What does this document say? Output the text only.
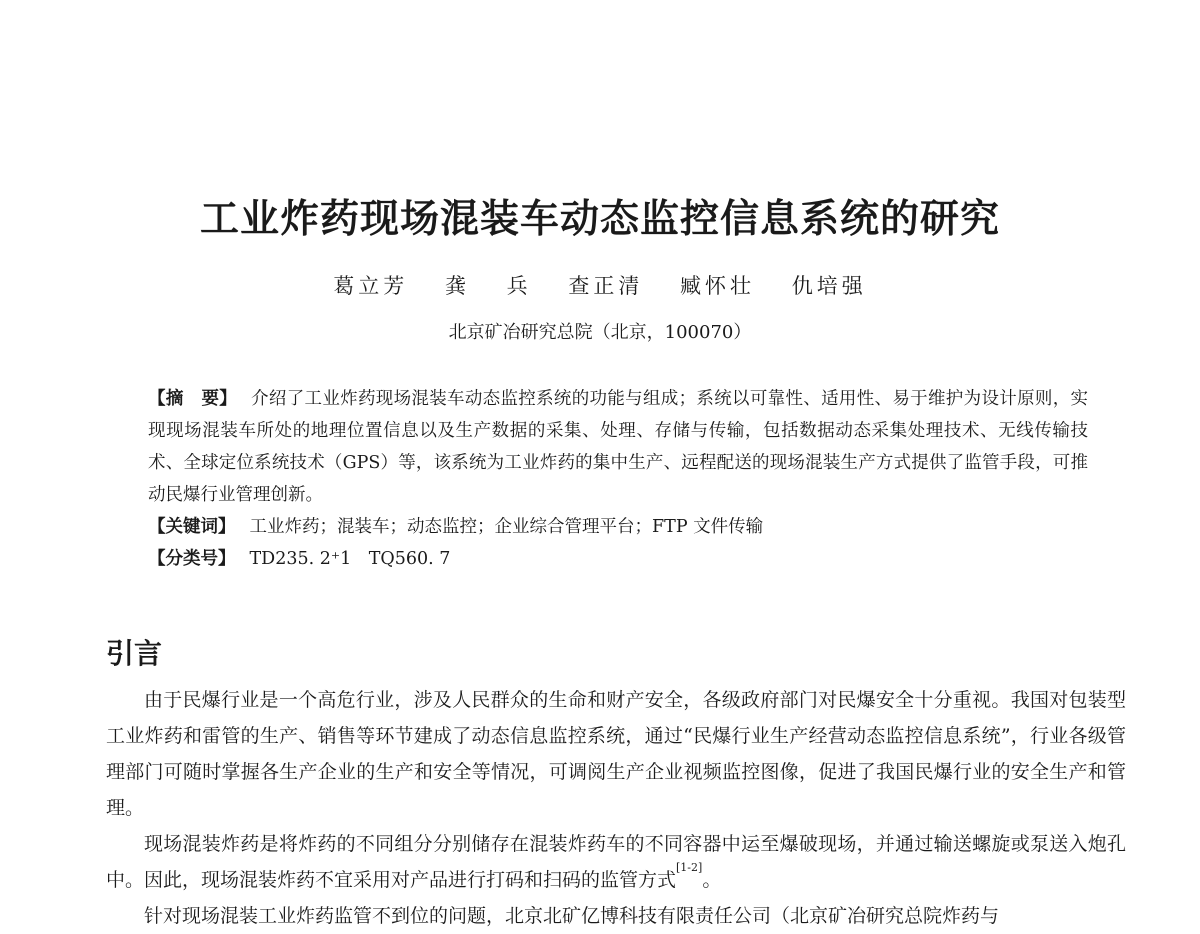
工业炸药现场混装车动态监控信息系统的研究
葛立芳 龚 兵 查正清 臧怀壮 仇培强
北京矿冶研究总院（北京，100070）

【摘　要】 介绍了工业炸药现场混装车动态监控系统的功能与组成；系统以可靠性、适用性、易于维护为设计原则，实现现场混装车所处的地理位置信息以及生产数据的采集、处理、存储与传输，包括数据动态采集处理技术、无线传输技术、全球定位系统技术（GPS）等，该系统为工业炸药的集中生产、远程配送的现场混装生产方式提供了监管手段，可推动民爆行业管理创新。

【关键词】 工业炸药；混装车；动态监控；企业综合管理平台；FTP 文件传输

【分类号】 TD235. 2⁺1　TQ560. 7

引言

由于民爆行业是一个高危行业，涉及人民群众的生命和财产安全，各级政府部门对民爆安全十分重视。我国对包装型工业炸药和雷管的生产、销售等环节建成了动态信息监控系统，通过“民爆行业生产经营动态监控信息系统”，行业各级管理部门可随时掌握各生产企业的生产和安全等情况，可调阅生产企业视频监控图像，促进了我国民爆行业的安全生产和管理。

现场混装炸药是将炸药的不同组分分别储存在混装炸药车的不同容器中运至爆破现场，并通过输送螺旋或泵送入炮孔中。因此，现场混装炸药不宜采用对产品进行打码和扫码的监管方式[1-2]。

针对现场混装工业炸药监管不到位的问题，北京北矿亿博科技有限责任公司（北京矿冶研究总院炸药与
